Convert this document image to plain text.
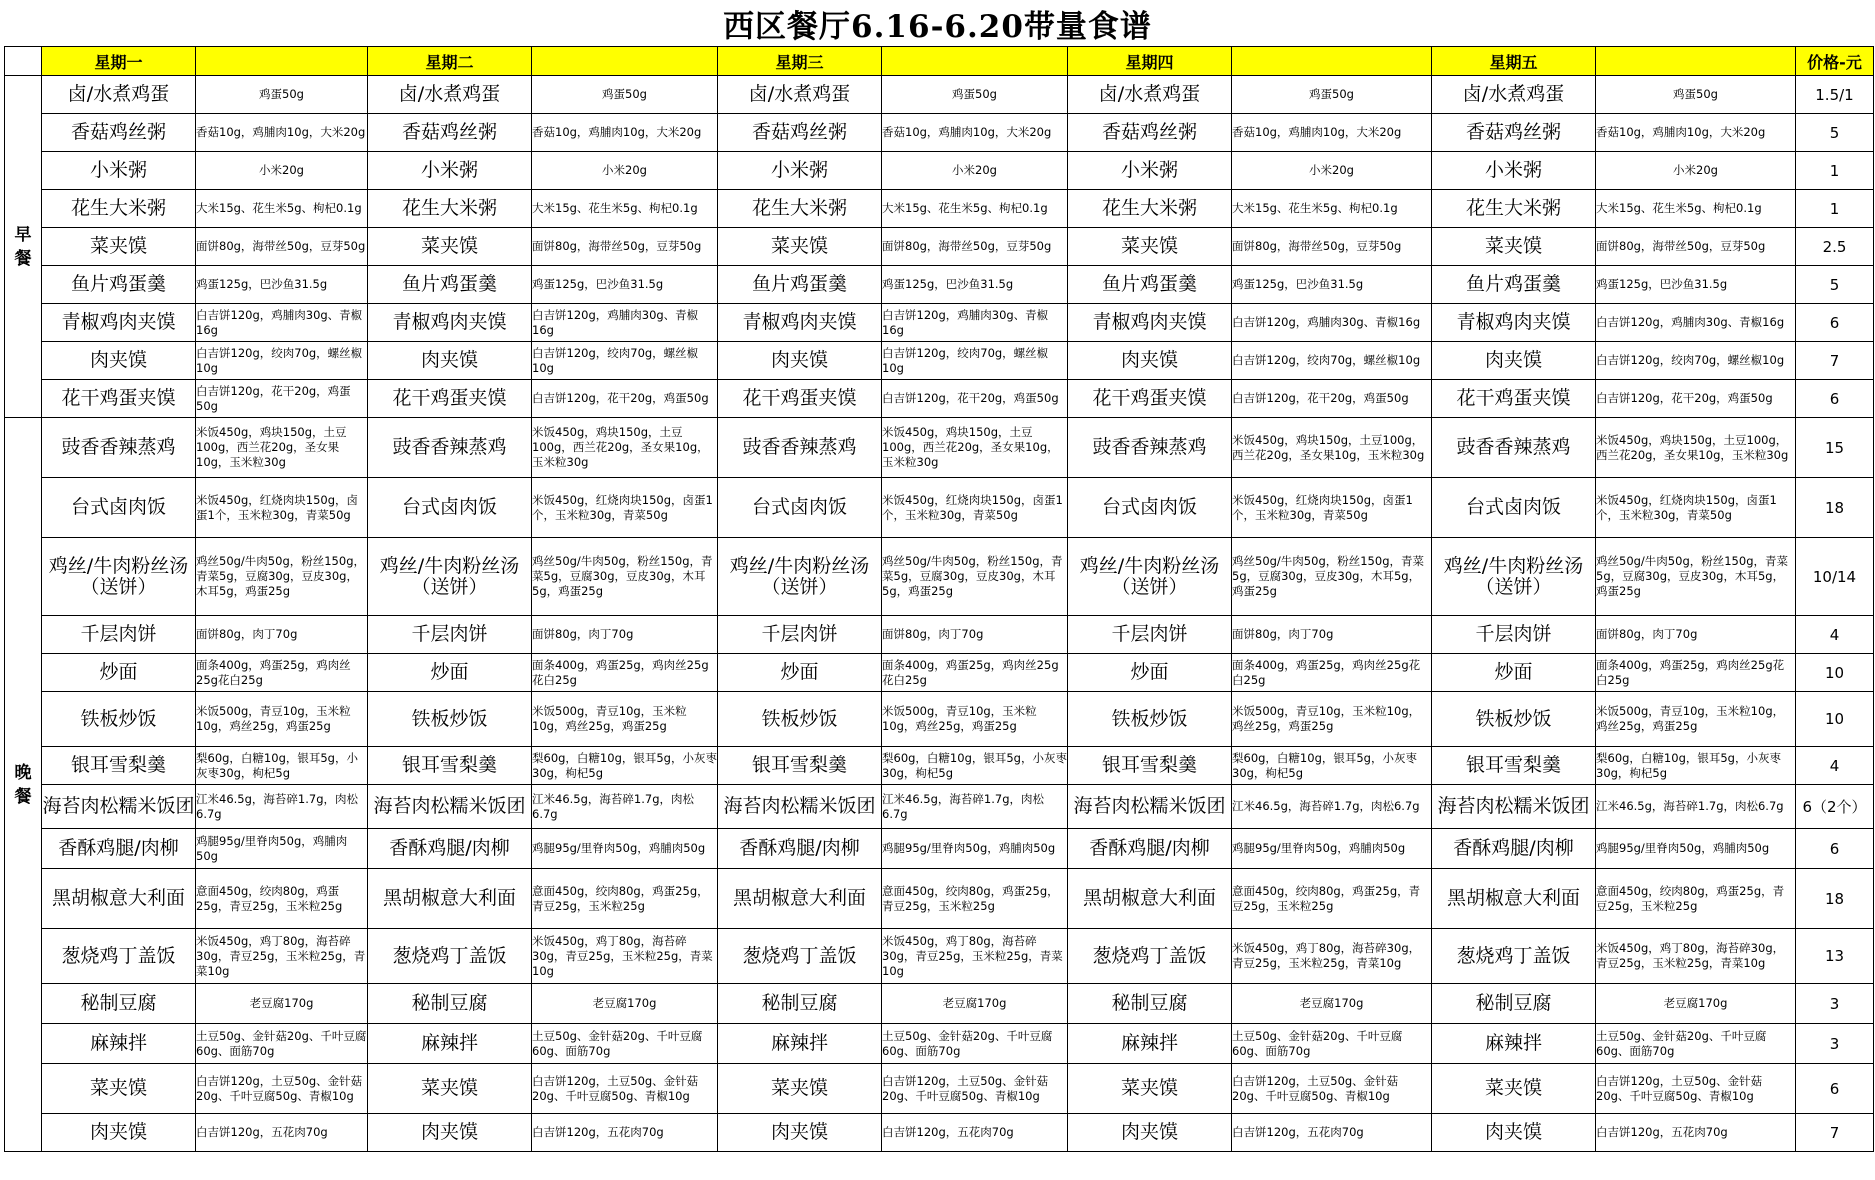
西区餐厅6.16-6.20带量食谱
	星期一		星期二		星期三		星期四		星期五		价格-元
早
餐	卤/水煮鸡蛋	鸡蛋50g	卤/水煮鸡蛋	鸡蛋50g	卤/水煮鸡蛋	鸡蛋50g	卤/水煮鸡蛋	鸡蛋50g	卤/水煮鸡蛋	鸡蛋50g	1.5/1
	香菇鸡丝粥	香菇10g，鸡脯肉10g，大米20g	香菇鸡丝粥	香菇10g，鸡脯肉10g，大米20g	香菇鸡丝粥	香菇10g，鸡脯肉10g，大米20g	香菇鸡丝粥	香菇10g，鸡脯肉10g，大米20g	香菇鸡丝粥	香菇10g，鸡脯肉10g，大米20g	5
	小米粥	小米20g	小米粥	小米20g	小米粥	小米20g	小米粥	小米20g	小米粥	小米20g	1
	花生大米粥	大米15g、花生米5g、枸杞0.1g	花生大米粥	大米15g、花生米5g、枸杞0.1g	花生大米粥	大米15g、花生米5g、枸杞0.1g	花生大米粥	大米15g、花生米5g、枸杞0.1g	花生大米粥	大米15g、花生米5g、枸杞0.1g	1
	菜夹馍	面饼80g，海带丝50g，豆芽50g	菜夹馍	面饼80g，海带丝50g，豆芽50g	菜夹馍	面饼80g，海带丝50g，豆芽50g	菜夹馍	面饼80g，海带丝50g，豆芽50g	菜夹馍	面饼80g，海带丝50g，豆芽50g	2.5
	鱼片鸡蛋羹	鸡蛋125g，巴沙鱼31.5g	鱼片鸡蛋羹	鸡蛋125g，巴沙鱼31.5g	鱼片鸡蛋羹	鸡蛋125g，巴沙鱼31.5g	鱼片鸡蛋羹	鸡蛋125g，巴沙鱼31.5g	鱼片鸡蛋羹	鸡蛋125g，巴沙鱼31.5g	5
	青椒鸡肉夹馍	白吉饼120g，鸡脯肉30g、青椒16g	青椒鸡肉夹馍	白吉饼120g，鸡脯肉30g、青椒16g	青椒鸡肉夹馍	白吉饼120g，鸡脯肉30g、青椒16g	青椒鸡肉夹馍	白吉饼120g，鸡脯肉30g、青椒16g	青椒鸡肉夹馍	白吉饼120g，鸡脯肉30g、青椒16g	6
	肉夹馍	白吉饼120g，绞肉70g，螺丝椒10g	肉夹馍	白吉饼120g，绞肉70g，螺丝椒10g	肉夹馍	白吉饼120g，绞肉70g，螺丝椒10g	肉夹馍	白吉饼120g，绞肉70g，螺丝椒10g	肉夹馍	白吉饼120g，绞肉70g，螺丝椒10g	7
	花干鸡蛋夹馍	白吉饼120g，花干20g，鸡蛋50g	花干鸡蛋夹馍	白吉饼120g，花干20g，鸡蛋50g	花干鸡蛋夹馍	白吉饼120g，花干20g，鸡蛋50g	花干鸡蛋夹馍	白吉饼120g，花干20g，鸡蛋50g	花干鸡蛋夹馍	白吉饼120g，花干20g，鸡蛋50g	6
晚
餐	豉香香辣蒸鸡	米饭450g，鸡块150g，土豆100g，西兰花20g，圣女果10g，玉米粒30g	豉香香辣蒸鸡	米饭450g，鸡块150g，土豆100g，西兰花20g，圣女果10g，玉米粒30g	豉香香辣蒸鸡	米饭450g，鸡块150g，土豆100g，西兰花20g，圣女果10g，玉米粒30g	豉香香辣蒸鸡	米饭450g，鸡块150g，土豆100g，西兰花20g，圣女果10g，玉米粒30g	豉香香辣蒸鸡	米饭450g，鸡块150g，土豆100g，西兰花20g，圣女果10g，玉米粒30g	15
	台式卤肉饭	米饭450g，红烧肉块150g，卤蛋1个，玉米粒30g，青菜50g	台式卤肉饭	米饭450g，红烧肉块150g，卤蛋1个，玉米粒30g，青菜50g	台式卤肉饭	米饭450g，红烧肉块150g，卤蛋1个，玉米粒30g，青菜50g	台式卤肉饭	米饭450g，红烧肉块150g，卤蛋1个，玉米粒30g，青菜50g	台式卤肉饭	米饭450g，红烧肉块150g，卤蛋1个，玉米粒30g，青菜50g	18
	鸡丝/牛肉粉丝汤（送饼）	鸡丝50g/牛肉50g，粉丝150g，青菜5g，豆腐30g，豆皮30g，木耳5g，鸡蛋25g	鸡丝/牛肉粉丝汤（送饼）	鸡丝50g/牛肉50g，粉丝150g，青菜5g，豆腐30g，豆皮30g，木耳5g，鸡蛋25g	鸡丝/牛肉粉丝汤（送饼）	鸡丝50g/牛肉50g，粉丝150g，青菜5g，豆腐30g，豆皮30g，木耳5g，鸡蛋25g	鸡丝/牛肉粉丝汤（送饼）	鸡丝50g/牛肉50g，粉丝150g，青菜5g，豆腐30g，豆皮30g，木耳5g，鸡蛋25g	鸡丝/牛肉粉丝汤（送饼）	鸡丝50g/牛肉50g，粉丝150g，青菜5g，豆腐30g，豆皮30g，木耳5g，鸡蛋25g	10/14
	千层肉饼	面饼80g，肉丁70g	千层肉饼	面饼80g，肉丁70g	千层肉饼	面饼80g，肉丁70g	千层肉饼	面饼80g，肉丁70g	千层肉饼	面饼80g，肉丁70g	4
	炒面	面条400g，鸡蛋25g，鸡肉丝25g花白25g	炒面	面条400g，鸡蛋25g，鸡肉丝25g花白25g	炒面	面条400g，鸡蛋25g，鸡肉丝25g花白25g	炒面	面条400g，鸡蛋25g，鸡肉丝25g花白25g	炒面	面条400g，鸡蛋25g，鸡肉丝25g花白25g	10
	铁板炒饭	米饭500g，青豆10g，玉米粒10g，鸡丝25g，鸡蛋25g	铁板炒饭	米饭500g，青豆10g，玉米粒10g，鸡丝25g，鸡蛋25g	铁板炒饭	米饭500g，青豆10g，玉米粒10g，鸡丝25g，鸡蛋25g	铁板炒饭	米饭500g，青豆10g，玉米粒10g，鸡丝25g，鸡蛋25g	铁板炒饭	米饭500g，青豆10g，玉米粒10g，鸡丝25g，鸡蛋25g	10
	银耳雪梨羹	梨60g，白糖10g，银耳5g，小灰枣30g，枸杞5g	银耳雪梨羹	梨60g，白糖10g，银耳5g，小灰枣30g，枸杞5g	银耳雪梨羹	梨60g，白糖10g，银耳5g，小灰枣30g，枸杞5g	银耳雪梨羹	梨60g，白糖10g，银耳5g，小灰枣30g，枸杞5g	银耳雪梨羹	梨60g，白糖10g，银耳5g，小灰枣30g，枸杞5g	4
	海苔肉松糯米饭团	江米46.5g，海苔碎1.7g，肉松6.7g	海苔肉松糯米饭团	江米46.5g，海苔碎1.7g，肉松6.7g	海苔肉松糯米饭团	江米46.5g，海苔碎1.7g，肉松6.7g	海苔肉松糯米饭团	江米46.5g，海苔碎1.7g，肉松6.7g	海苔肉松糯米饭团	江米46.5g，海苔碎1.7g，肉松6.7g	6（2个）
	香酥鸡腿/肉柳	鸡腿95g/里脊肉50g，鸡脯肉50g	香酥鸡腿/肉柳	鸡腿95g/里脊肉50g，鸡脯肉50g	香酥鸡腿/肉柳	鸡腿95g/里脊肉50g，鸡脯肉50g	香酥鸡腿/肉柳	鸡腿95g/里脊肉50g，鸡脯肉50g	香酥鸡腿/肉柳	鸡腿95g/里脊肉50g，鸡脯肉50g	6
	黑胡椒意大利面	意面450g，绞肉80g，鸡蛋25g，青豆25g，玉米粒25g	黑胡椒意大利面	意面450g，绞肉80g，鸡蛋25g，青豆25g，玉米粒25g	黑胡椒意大利面	意面450g，绞肉80g，鸡蛋25g，青豆25g，玉米粒25g	黑胡椒意大利面	意面450g，绞肉80g，鸡蛋25g，青豆25g，玉米粒25g	黑胡椒意大利面	意面450g，绞肉80g，鸡蛋25g，青豆25g，玉米粒25g	18
	葱烧鸡丁盖饭	米饭450g，鸡丁80g，海苔碎30g，青豆25g，玉米粒25g，青菜10g	葱烧鸡丁盖饭	米饭450g，鸡丁80g，海苔碎30g，青豆25g，玉米粒25g，青菜10g	葱烧鸡丁盖饭	米饭450g，鸡丁80g，海苔碎30g，青豆25g，玉米粒25g，青菜10g	葱烧鸡丁盖饭	米饭450g，鸡丁80g，海苔碎30g，青豆25g，玉米粒25g，青菜10g	葱烧鸡丁盖饭	米饭450g，鸡丁80g，海苔碎30g，青豆25g，玉米粒25g，青菜10g	13
	秘制豆腐	老豆腐170g	秘制豆腐	老豆腐170g	秘制豆腐	老豆腐170g	秘制豆腐	老豆腐170g	秘制豆腐	老豆腐170g	3
	麻辣拌	土豆50g、金针菇20g、千叶豆腐60g、面筋70g	麻辣拌	土豆50g、金针菇20g、千叶豆腐60g、面筋70g	麻辣拌	土豆50g、金针菇20g、千叶豆腐60g、面筋70g	麻辣拌	土豆50g、金针菇20g、千叶豆腐60g、面筋70g	麻辣拌	土豆50g、金针菇20g、千叶豆腐60g、面筋70g	3
	菜夹馍	白吉饼120g，土豆50g、金针菇20g、千叶豆腐50g、青椒10g	菜夹馍	白吉饼120g，土豆50g、金针菇20g、千叶豆腐50g、青椒10g	菜夹馍	白吉饼120g，土豆50g、金针菇20g、千叶豆腐50g、青椒10g	菜夹馍	白吉饼120g，土豆50g、金针菇20g、千叶豆腐50g、青椒10g	菜夹馍	白吉饼120g，土豆50g、金针菇20g、千叶豆腐50g、青椒10g	6
	肉夹馍	白吉饼120g，五花肉70g	肉夹馍	白吉饼120g，五花肉70g	肉夹馍	白吉饼120g，五花肉70g	肉夹馍	白吉饼120g，五花肉70g	肉夹馍	白吉饼120g，五花肉70g	7
